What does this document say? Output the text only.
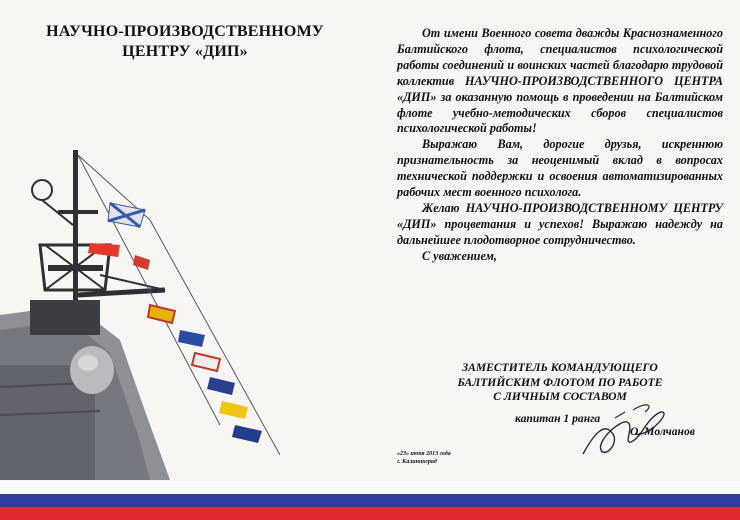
НАУЧНО-ПРОИЗВОДСТВЕННОМУ
ЦЕНТРУ «ДИП»

От имени Военного совета дважды Краснознаменного Балтийского флота, специалистов психологической работы соединений и воинских частей благодарю трудовой коллектив НАУЧНО-ПРОИЗВОДСТВЕННОГО ЦЕНТРА «ДИП» за оказанную помощь в проведении на Балтийском флоте учебно-методических сборов специалистов психологической работы!

Выражаю Вам, дорогие друзья, искреннюю признательность за неоценимый вклад в вопросах технической поддержки и освоения автоматизированных рабочих мест военного психолога.

Желаю НАУЧНО-ПРОИЗВОДСТВЕННОМУ ЦЕНТРУ «ДИП» процветания и успехов! Выражаю надежду на дальнейшее плодотворное сотрудничество.

С уважением,

ЗАМЕСТИТЕЛЬ КОМАНДУЮЩЕГО
БАЛТИЙСКИМ ФЛОТОМ ПО РАБОТЕ
С ЛИЧНЫМ СОСТАВОМ
капитан 1 ранга
О. Молчанов
«23» июня 2013 года
г. Калининград
